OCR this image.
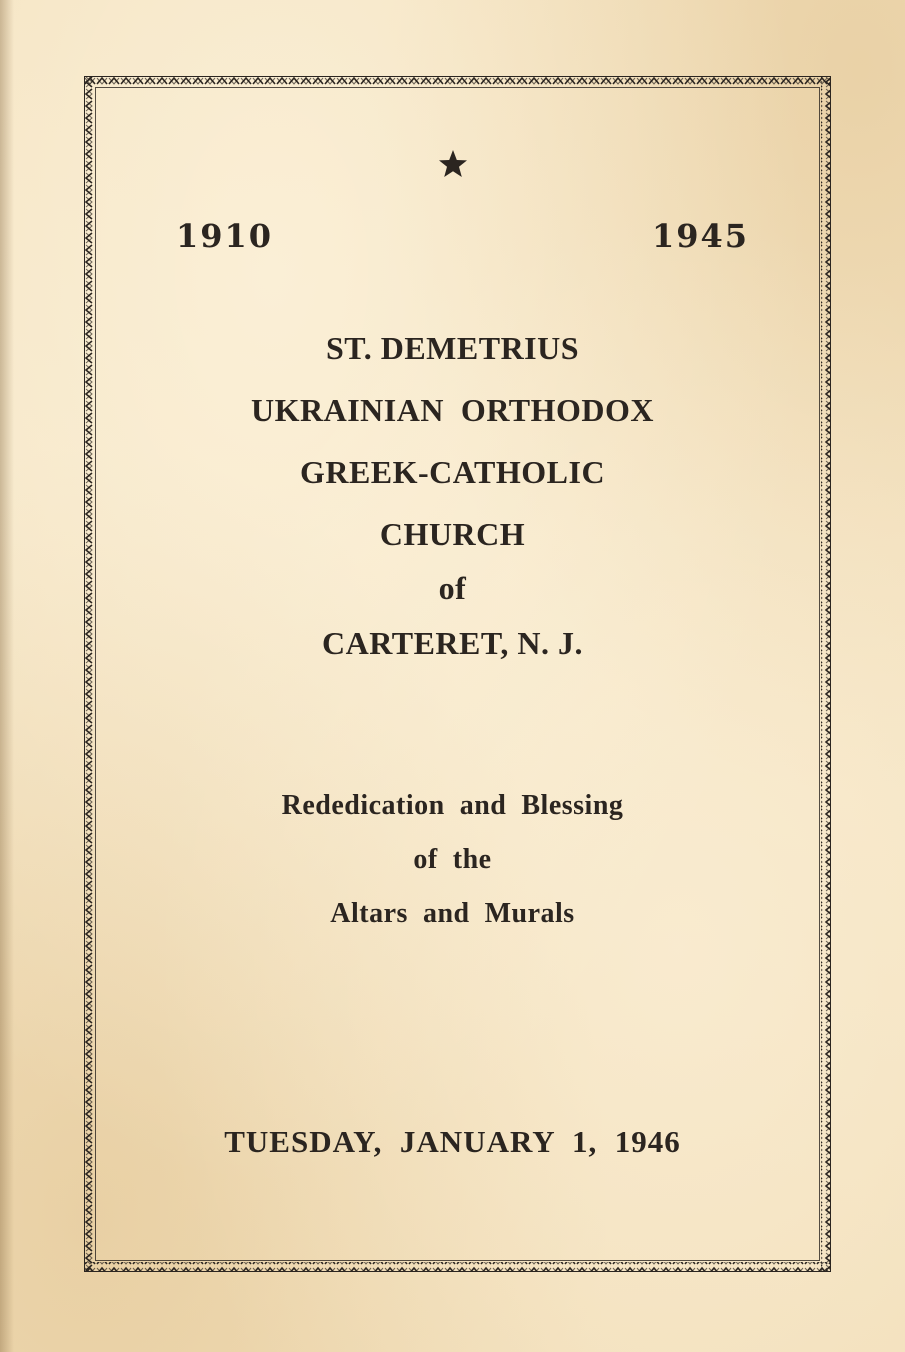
1910	1945
ST. DEMETRIUS
UKRAINIAN  ORTHODOX
GREEK-CATHOLIC
CHURCH
of
CARTERET, N. J.
Rededication  and  Blessing
of  the
Altars  and  Murals
TUESDAY,  JANUARY  1,  1946
